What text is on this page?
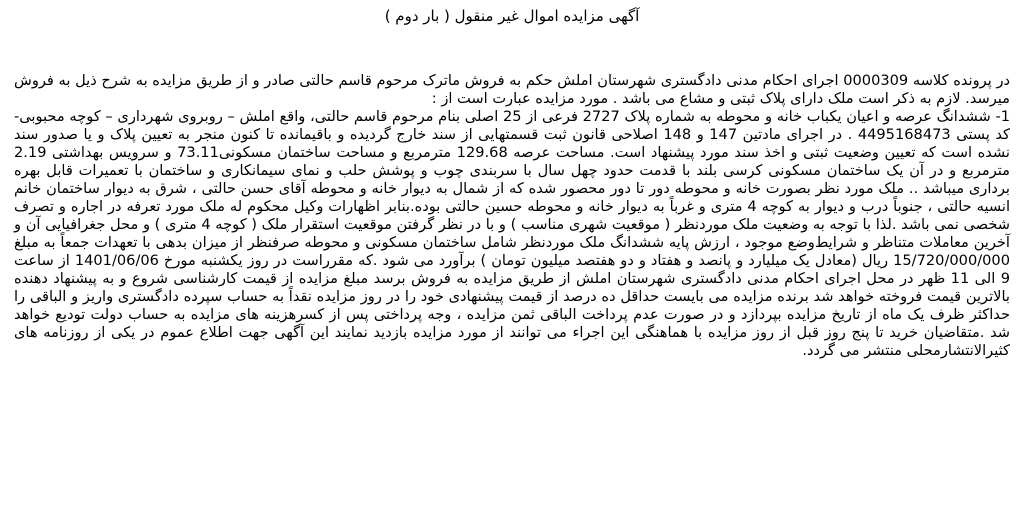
آگهی مزایده اموال غیر منقول ( بار دوم )

در پرونده کلاسه 0000309 اجرای احکام مدنی دادگستری شهرستان املش حکم به فروش ماترک مرحوم قاسم حالتی صادر و از طریق مزایده به شرح ذیل به فروش میرسد. لازم به ذکر است ملک دارای پلاک ثبتی و مشاع می باشد . مورد مزایده عبارت است از :

1- ششدانگ عرصه و اعیان یکباب خانه و محوطه به شماره پلاک 2727 فرعی از 25 اصلی بنام مرحوم قاسم حالتی، واقع املش – روبروی شهرداری – کوچه محبوبی- کد پستی 4495168473 . در اجرای مادتین 147 و 148 اصلاحی قانون ثبت قسمتهایی از سند خارج گردیده و باقیمانده تا کنون منجر به تعیین پلاک و یا صدور سند نشده است که تعیین وضعیت ثبتی و اخذ سند مورد پیشنهاد است. مساحت عرصه 129.68 مترمربع و مساحت ساختمان مسکونی73.11 و سرویس بهداشتی 2.19 مترمربع و در آن یک ساختمان مسکونی کرسی بلند با قدمت حدود چهل سال با سربندی چوب و پوشش حلب و نمای سیمانکاری و ساختمان با تعمیرات قابل بهره برداری میباشد .. ملک مورد نظر بصورت خانه و محوطه دور تا دور محصور شده که از شمال به دیوار خانه و محوطه آقای حسن حالتی ، شرق به دیوار ساختمان خانم انسیه حالتی ، جنوباً درب و دیوار به کوچه 4 متری و غرباً به دیوار خانه و محوطه حسین حالتی بوده.بنابر اظهارات وکیل محکوم له ملک مورد تعرفه در اجاره و تصرف شخصی نمی باشد .لذا با توجه به وضعیت ملک موردنظر ( موقعیت شهری مناسب ) و با در نظر گرفتن موقعیت استقرار ملک ( کوچه 4 متری ) و محل جغرافیایی آن و آخرین معاملات متناظر و شرایط‌وضع موجود ، ارزش پایه ششدانگ ملک موردنظر شامل ساختمان مسکونی و محوطه صرفنظر از میزان بدهی با تعهدات جمعاً به مبلغ 15/720/000/000 ریال (معادل یک میلیارد و پانصد و هفتاد و دو هفتصد میلیون تومان ) برآورد می شود .که مقرراست در روز یکشنبه مورخ 1401/06/06 از ساعت 9 الی 11 ظهر در محل اجرای احکام مدنی دادگستری شهرستان املش از طریق مزایده به فروش برسد مبلغ مزایده از قیمت کارشناسی شروع و به پیشنهاد دهنده بالاترین قیمت فروخته خواهد شد برنده مزایده می بایست حداقل ده درصد از قیمت پیشنهادی خود را در روز مزایده نقداً به حساب سپرده دادگستری واریز و الباقی را حداکثر ظرف یک ماه از تاریخ مزایده بپردازد و در صورت عدم پرداخت الباقی ثمن مزایده ، وجه پرداختی پس از کسرهزینه های مزایده به حساب دولت تودیع خواهد شد .متقاضیان خرید تا پنج روز قبل از روز مزایده با هماهنگی این اجراء می توانند از مورد مزایده بازدید نمایند این آگهی جهت اطلاع عموم در یکی از روزنامه های کثیرالانتشارمحلی منتشر می گردد.
